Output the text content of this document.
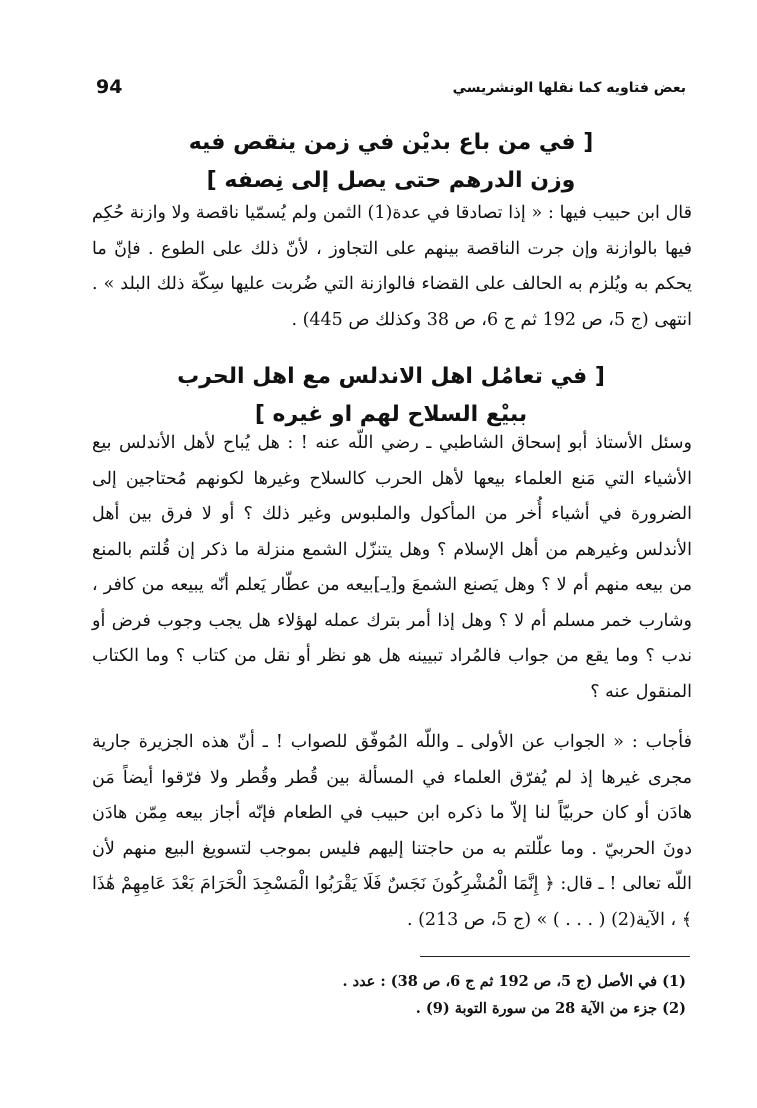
94	بعض فتاويه كما نقلها الونشريسي
[ في من باع بديْن في زمن ينقص فيه
وزن الدرهم حتى يصل إلى نِصفه ]

قال ابن حبيب فيها : « إذا تصادقا في عدة(1) الثمن ولم يُسمّيا ناقصة ولا وازنة حُكِم فيها بالوازنة وإن جرت الناقصة بينهم على التجاوز ، لأنّ ذلك على الطوع . فإنّ ما يحكم به ويُلزم به الحالف على القضاء فالوازنة التي ضُربت عليها سِكّة ذلك البلد » . انتهى (ج 5، ص 192 ثم ج 6، ص 38 وكذلك ص 445) .

[ في تعامُل اهل الاندلس مع اهل الحرب
ببيْع السلاح لهم او غيره ]

وسئل الأستاذ أبو إسحاق الشاطبي ـ رضي اللّه عنه ! : هل يُباح لأهل الأندلس بيع الأشياء التي مَنع العلماء بيعها لأهل الحرب كالسلاح وغيرها لكونهم مُحتاجين إلى الضرورة في أشياء أُخر من المأكول والملبوس وغير ذلك ؟ أو لا فرق بين أهل الأندلس وغيرهم من أهل الإسلام ؟ وهل يتنزّل الشمع منزلة ما ذكر إن قُلتم بالمنع من بيعه منهم أم لا ؟ وهل يَصنع الشمعَ و[يـ]بيعه من عطّار يَعلم أنّه يبيعه من كافر ، وشارب خمر مسلم أم لا ؟ وهل إذا أمر بترك عمله لهؤلاء هل يجب وجوب فرض أو ندب ؟ وما يقع من جواب فالمُراد تبيينه هل هو نظر أو نقل من كتاب ؟ وما الكتاب المنقول عنه ؟

فأجاب : « الجواب عن الأولى ـ واللّه المُوفّق للصواب ! ـ أنّ هذه الجزيرة جارية مجرى غيرها إذ لم يُفرّق العلماء في المسألة بين قُطر وقُطر ولا فرّقوا أيضاً مَن هادَن أو كان حربيّاً لنا إلاّ ما ذكره ابن حبيب في الطعام فإنّه أجاز بيعه مِمّن هادَن دونَ الحربيّ . وما علّلتم به من حاجتنا إليهم فليس بموجب لتسويغ البيع منهم لأن اللّه تعالى ! ـ قال: ﴿ إِنَّمَا الْمُشْرِكُونَ نَجَسٌ فَلَا يَقْرَبُوا الْمَسْجِدَ الْحَرَامَ بَعْدَ عَامِهِمْ هَٰذَا ﴾ ، الآية(2) ( . . . ) » (ج 5، ص 213) .

(1) في الأصل (ج 5، ص 192 ثم ج 6، ص 38) : عدد .

(2) جزء من الآية 28 من سورة التوبة (9) .
